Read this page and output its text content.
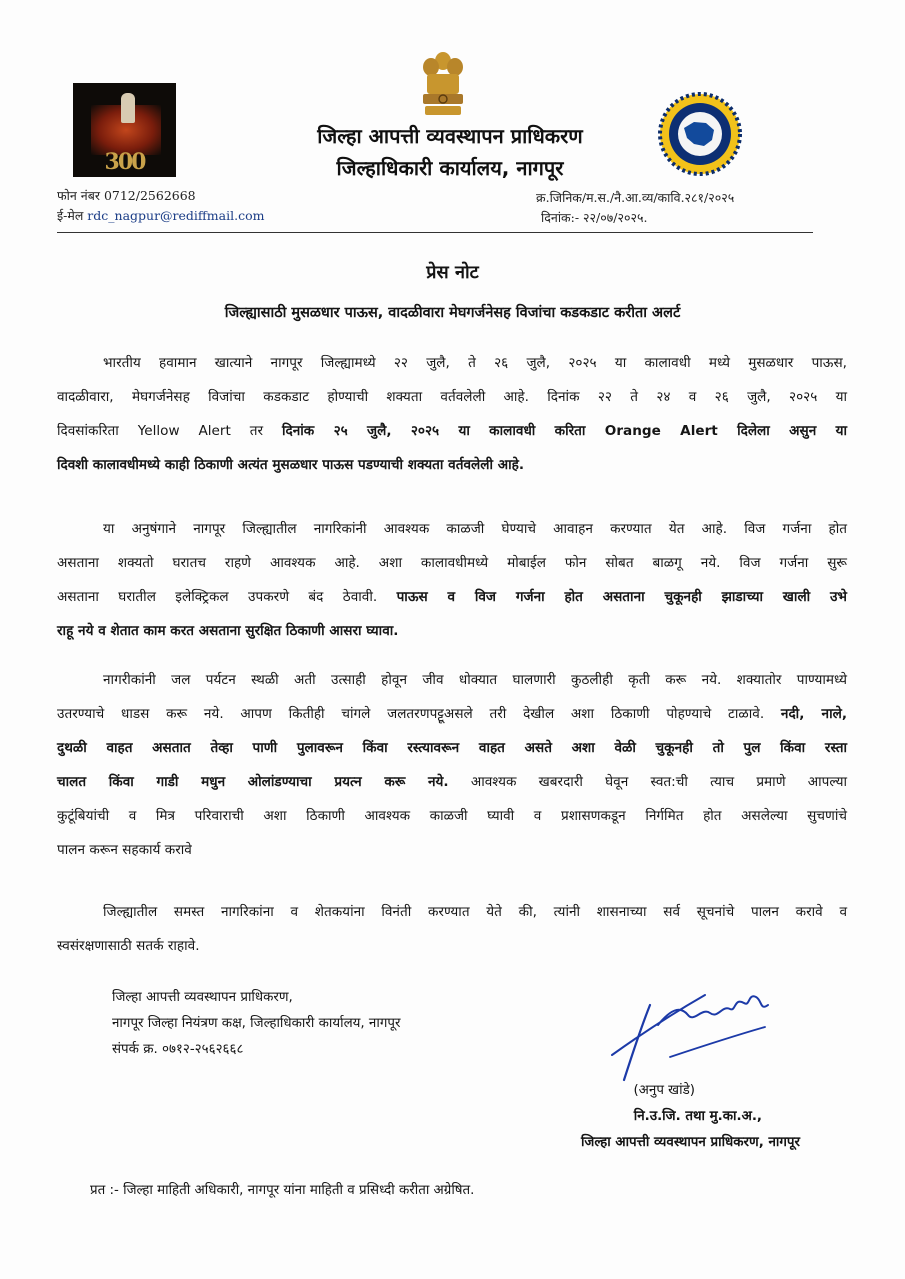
300
जिल्हा आपत्ती व्यवस्थापन प्राधिकरण
जिल्हाधिकारी कार्यालय, नागपूर
फोन नंबर 0712/2562668
ई-मेल rdc_nagpur@rediffmail.com
क्र.जिनिक/म.स./नै.आ.व्य/कावि.२८१/२०२५
दिनांक:- २२/०७/२०२५.
प्रेस नोट
जिल्ह्यासाठी मुसळधार पाऊस, वादळीवारा मेघगर्जनेसह विजांचा कडकडाट करीता अलर्ट
भारतीय हवामान खात्याने नागपूर जिल्ह्यामध्ये २२ जुलै, ते २६ जुलै, २०२५ या कालावधी मध्ये मुसळधार पाऊस,
वादळीवारा, मेघगर्जनेसह विजांचा कडकडाट होण्याची शक्यता वर्तवलेली आहे. दिनांक २२ ते २४ व २६ जुलै, २०२५ या
दिवसांकरिता Yellow Alert तर दिनांक २५ जुलै, २०२५ या कालावधी करिता Orange Alert दिलेला असुन या
दिवशी कालावधीमध्ये काही ठिकाणी अत्यंत मुसळधार पाऊस पडण्याची शक्यता वर्तवलेली आहे.
या अनुषंगाने नागपूर जिल्ह्यातील नागरिकांनी आवश्यक काळजी घेण्याचे आवाहन करण्यात येत आहे. विज गर्जना होत
असताना शक्यतो घरातच राहणे आवश्यक आहे. अशा कालावधीमध्ये मोबाईल फोन सोबत बाळगू नये. विज गर्जना सुरू
असताना घरातील इलेक्ट्रिकल उपकरणे बंद ठेवावी. पाऊस व विज गर्जना होत असताना चुकूनही झाडाच्या खाली उभे
राहू नये व शेतात काम करत असताना सुरक्षित ठिकाणी आसरा घ्यावा.
नागरीकांनी जल पर्यटन स्थळी अती उत्साही होवून जीव धोक्यात घालणारी कुठलीही कृती करू नये. शक्यातोर पाण्यामध्ये
उतरण्याचे धाडस करू नये. आपण कितीही चांगले जलतरणपट्टूअसले तरी देखील अशा ठिकाणी पोहण्याचे टाळावे. नदी, नाले,
दुथळी वाहत असतात तेव्हा पाणी पुलावरून किंवा रस्त्यावरून वाहत असते अशा वेळी चुकूनही तो पुल किंवा रस्ता
चालत किंवा गाडी मधुन ओलांडण्याचा प्रयत्न करू नये. आवश्यक खबरदारी घेवून स्वत:ची त्याच प्रमाणे आपल्या
कुटूंबियांची व मित्र परिवाराची अशा ठिकाणी आवश्यक काळजी घ्यावी व प्रशासणकडून निर्गमित होत असलेल्या सुचणांचे
पालन करून सहकार्य करावे
जिल्ह्यातील समस्त नागरिकांना व शेतकयांना विनंती करण्यात येते की, त्यांनी शासनाच्या सर्व सूचनांचे पालन करावे व
स्वसंरक्षणासाठी सतर्क राहावे.
जिल्हा आपत्ती व्यवस्थापन प्राधिकरण,
नागपूर जिल्हा नियंत्रण कक्ष, जिल्हाधिकारी कार्यालय, नागपूर
संपर्क क्र. ०७१२-२५६२६६८
(अनुप खांडे)
नि.उ.जि. तथा मु.का.अ.,
जिल्हा आपत्ती व्यवस्थापन प्राधिकरण, नागपूर
प्रत :- जिल्हा माहिती अधिकारी, नागपूर यांना माहिती व प्रसिध्दी करीता अग्रेषित.
